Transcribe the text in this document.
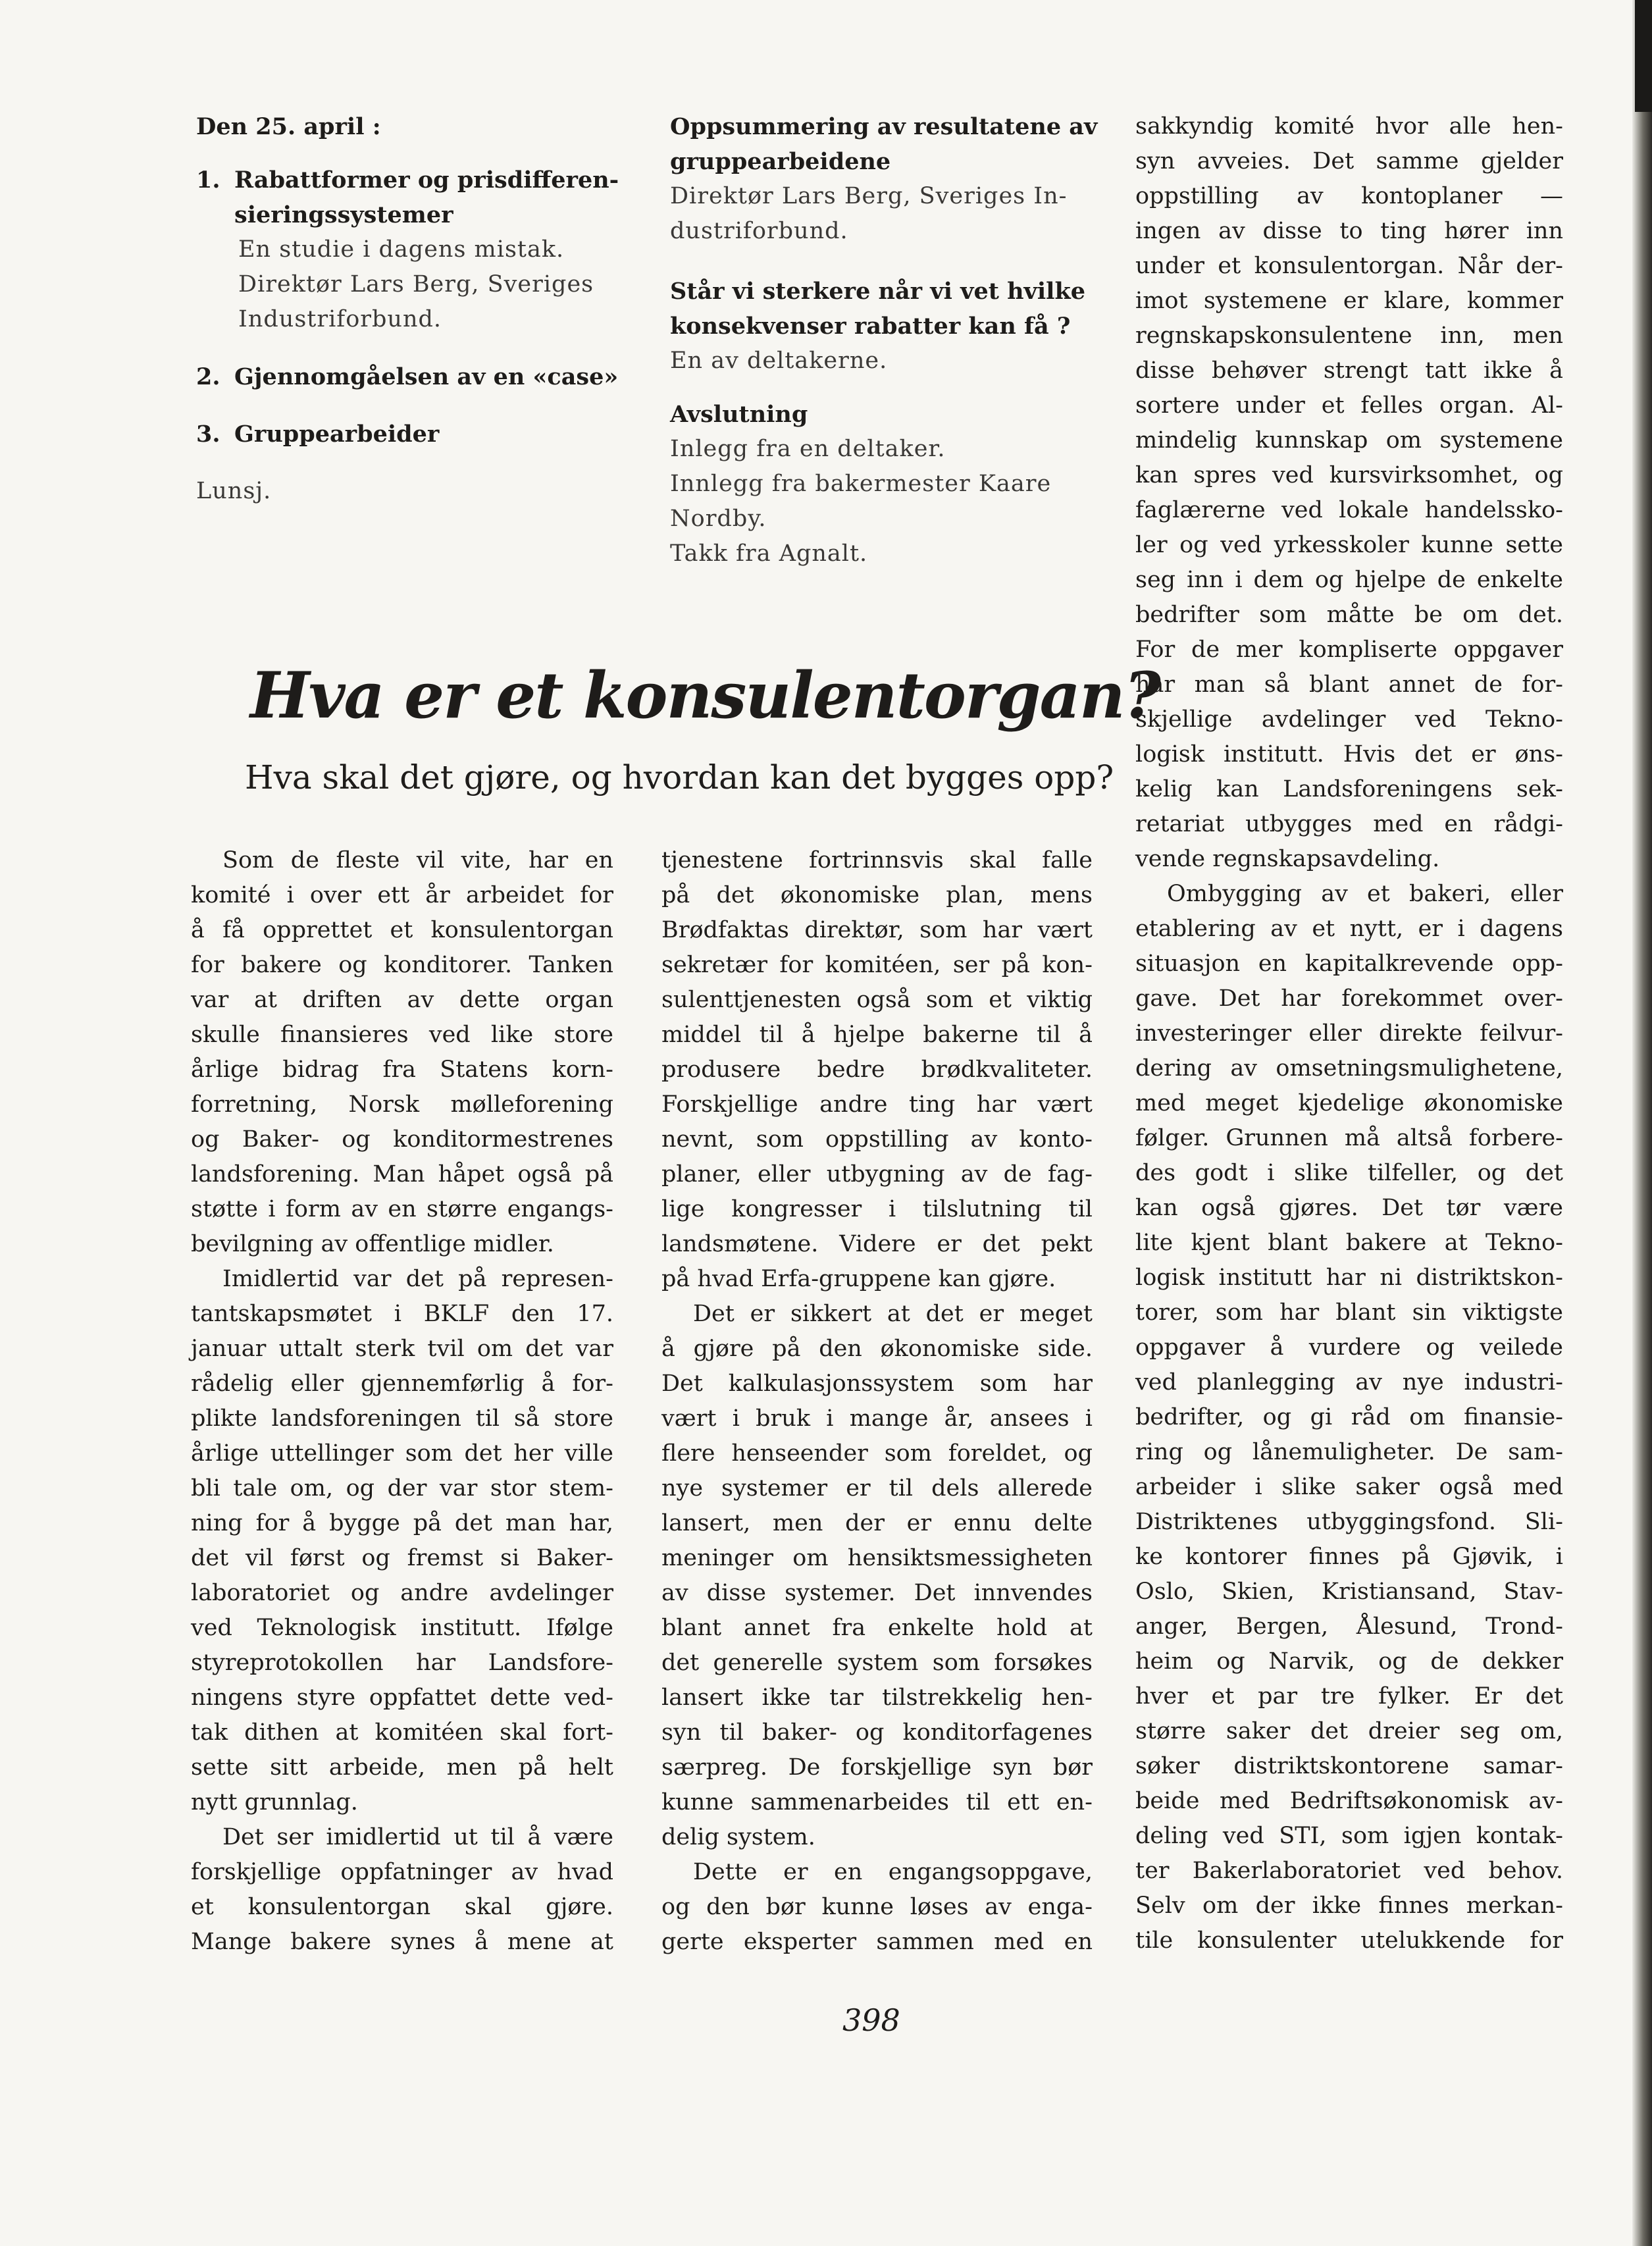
Den 25. april :
1. Rabattformer og prisdifferen-
sieringssystemer
En studie i dagens mistak.
Direktør Lars Berg, Sveriges
Industriforbund.
2. Gjennomgåelsen av en «case»
3. Gruppearbeider
Lunsj.
Oppsummering av resultatene av
gruppearbeidene
Direktør Lars Berg, Sveriges In-
dustriforbund.
Står vi sterkere når vi vet hvilke
konsekvenser rabatter kan få ?
En av deltakerne.
Avslutning
Inlegg fra en deltaker.
Innlegg fra bakermester Kaare
Nordby.
Takk fra Agnalt.
Hva er et konsulentorgan?
Hva skal det gjøre, og hvordan kan det bygges opp?
Som de fleste vil vite, har en
komité i over ett år arbeidet for
å få opprettet et konsulentorgan
for bakere og konditorer. Tanken
var at driften av dette organ
skulle finansieres ved like store
årlige bidrag fra Statens korn-
forretning, Norsk mølleforening
og Baker- og konditormestrenes
landsforening. Man håpet også på
støtte i form av en større engangs-
bevilgning av offentlige midler.
Imidlertid var det på represen-
tantskapsmøtet i BKLF den 17.
januar uttalt sterk tvil om det var
rådelig eller gjennemførlig å for-
plikte landsforeningen til så store
årlige uttellinger som det her ville
bli tale om, og der var stor stem-
ning for å bygge på det man har,
det vil først og fremst si Baker-
laboratoriet og andre avdelinger
ved Teknologisk institutt. Ifølge
styreprotokollen har Landsfore-
ningens styre oppfattet dette ved-
tak dithen at komitéen skal fort-
sette sitt arbeide, men på helt
nytt grunnlag.
Det ser imidlertid ut til å være
forskjellige oppfatninger av hvad
et konsulentorgan skal gjøre.
Mange bakere synes å mene at
tjenestene fortrinnsvis skal falle
på det økonomiske plan, mens
Brødfaktas direktør, som har vært
sekretær for komitéen, ser på kon-
sulenttjenesten også som et viktig
middel til å hjelpe bakerne til å
produsere bedre brødkvaliteter.
Forskjellige andre ting har vært
nevnt, som oppstilling av konto-
planer, eller utbygning av de fag-
lige kongresser i tilslutning til
landsmøtene. Videre er det pekt
på hvad Erfa-gruppene kan gjøre.
Det er sikkert at det er meget
å gjøre på den økonomiske side.
Det kalkulasjonssystem som har
vært i bruk i mange år, ansees i
flere henseender som foreldet, og
nye systemer er til dels allerede
lansert, men der er ennu delte
meninger om hensiktsmessigheten
av disse systemer. Det innvendes
blant annet fra enkelte hold at
det generelle system som forsøkes
lansert ikke tar tilstrekkelig hen-
syn til baker- og konditorfagenes
særpreg. De forskjellige syn bør
kunne sammenarbeides til ett en-
delig system.
Dette er en engangsoppgave,
og den bør kunne løses av enga-
gerte eksperter sammen med en
sakkyndig komité hvor alle hen-
syn avveies. Det samme gjelder
oppstilling av kontoplaner —
ingen av disse to ting hører inn
under et konsulentorgan. Når der-
imot systemene er klare, kommer
regnskapskonsulentene inn, men
disse behøver strengt tatt ikke å
sortere under et felles organ. Al-
mindelig kunnskap om systemene
kan spres ved kursvirksomhet, og
faglærerne ved lokale handelssko-
ler og ved yrkesskoler kunne sette
seg inn i dem og hjelpe de enkelte
bedrifter som måtte be om det.
For de mer kompliserte oppgaver
har man så blant annet de for-
skjellige avdelinger ved Tekno-
logisk institutt. Hvis det er øns-
kelig kan Landsforeningens sek-
retariat utbygges med en rådgi-
vende regnskapsavdeling.
Ombygging av et bakeri, eller
etablering av et nytt, er i dagens
situasjon en kapitalkrevende opp-
gave. Det har forekommet over-
investeringer eller direkte feilvur-
dering av omsetningsmulighetene,
med meget kjedelige økonomiske
følger. Grunnen må altså forbere-
des godt i slike tilfeller, og det
kan også gjøres. Det tør være
lite kjent blant bakere at Tekno-
logisk institutt har ni distriktskon-
torer, som har blant sin viktigste
oppgaver å vurdere og veilede
ved planlegging av nye industri-
bedrifter, og gi råd om finansie-
ring og lånemuligheter. De sam-
arbeider i slike saker også med
Distriktenes utbyggingsfond. Sli-
ke kontorer finnes på Gjøvik, i
Oslo, Skien, Kristiansand, Stav-
anger, Bergen, Ålesund, Trond-
heim og Narvik, og de dekker
hver et par tre fylker. Er det
større saker det dreier seg om,
søker distriktskontorene samar-
beide med Bedriftsøkonomisk av-
deling ved STI, som igjen kontak-
ter Bakerlaboratoriet ved behov.
Selv om der ikke finnes merkan-
tile konsulenter utelukkende for
398
